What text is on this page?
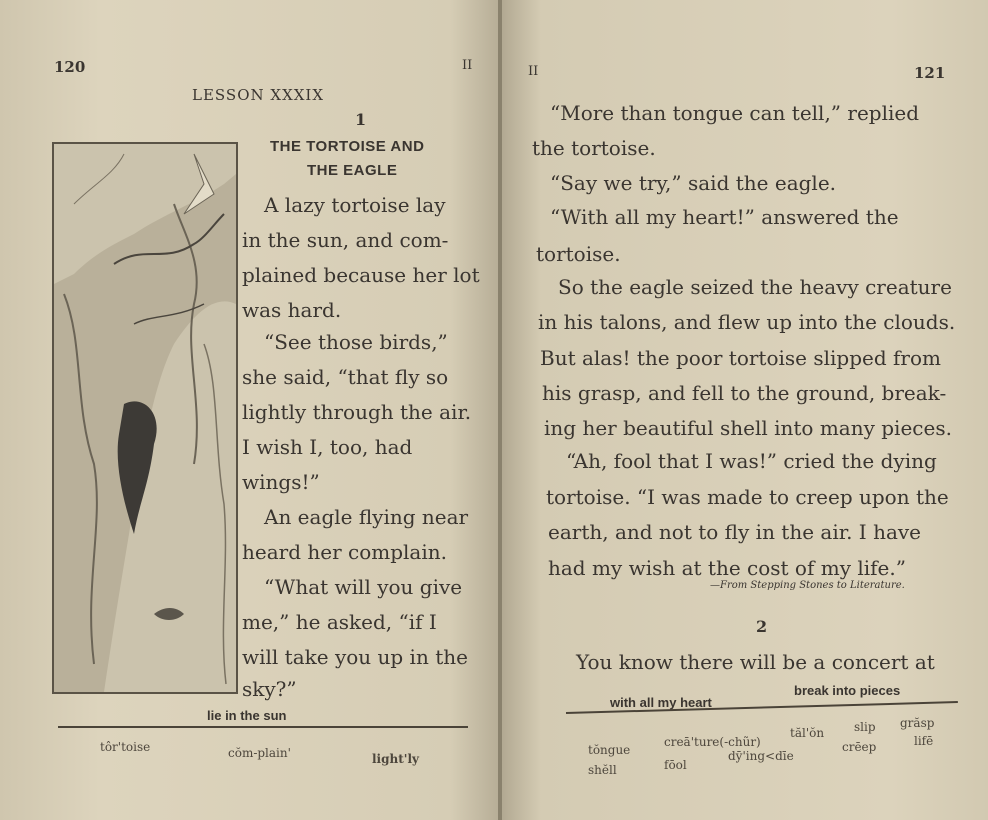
120	II
LESSON XXXIX
1
THE TORTOISE AND
THE EAGLE
A lazy tortoise lay
in the sun, and com-
plained because her lot
was hard.
“See those birds,”
she said, “that fly so
lightly through the air.
I wish I, too, had
wings!”
An eagle flying near
heard her complain.
“What will you give
me,” he asked, “if I
will take you up in the
sky?”
lie in the sun
tôr'toise	cŏm-plain'	light'ly
II	121
“More than tongue can tell,” replied
the tortoise.
“Say we try,” said the eagle.
“With all my heart!” answered the
tortoise.
So the eagle seized the heavy creature
in his talons, and flew up into the clouds.
But alas! the poor tortoise slipped from
his grasp, and fell to the ground, break-
ing her beautiful shell into many pieces.
“Ah, fool that I was!” cried the dying
tortoise. “I was made to creep upon the
earth, and not to fly in the air. I have
had my wish at the cost of my life.”
—From Stepping Stones to Literature.
2
You know there will be a concert at
with all my heart
break into pieces
tŏngue
creā'ture(-chũr)
tăl'ŏn slip grăsp
shĕll	fōol
dȳ'ing<dīe
crēep	lifē
